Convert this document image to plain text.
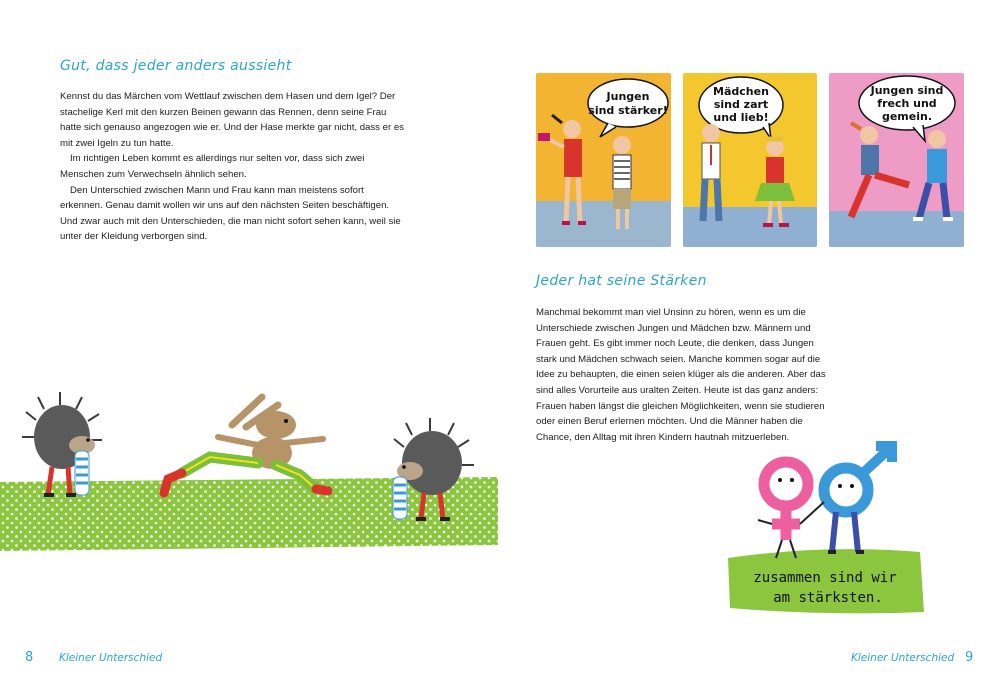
Gut, dass jeder anders aussieht

Kennst du das Märchen vom Wettlauf zwischen dem Hasen und dem Igel? Der stachelige Kerl mit den kurzen Beinen gewann das Rennen, denn seine Frau hatte sich genauso angezogen wie er. Und der Hase merkte gar nicht, dass er es mit zwei Igeln zu tun hatte.

Im richtigen Leben kommt es allerdings nur selten vor, dass sich zwei Menschen zum Verwechseln ähnlich sehen.

Den Unterschied zwischen Mann und Frau kann man meistens sofort erkennen. Genau damit wollen wir uns auf den nächsten Seiten beschäftigen. Und zwar auch mit den Unterschieden, die man nicht sofort sehen kann, weil sie unter der Kleidung verborgen sind.

8 Kleiner Unterschied
Jungen
sind stärker!
Mädchen
sind zart
und lieb!
Jungen sind
frech und
gemein.
Jeder hat seine Stärken

Manchmal bekommt man viel Unsinn zu hören, wenn es um die Unterschiede zwischen Jungen und Mädchen bzw. Männern und Frauen geht. Es gibt immer noch Leute, die denken, dass Jungen stark und Mädchen schwach seien. Manche kommen sogar auf die Idee zu behaupten, die einen seien klüger als die anderen. Aber das sind alles Vorurteile aus uralten Zeiten. Heute ist das ganz anders: Frauen haben längst die gleichen Möglichkeiten, wenn sie studieren oder einen Beruf erlernen möchten. Und die Männer haben die Chance, den Alltag mit ihren Kindern hautnah mitzuerleben.

zusammen sind wir
am stärksten.
Kleiner Unterschied 9
